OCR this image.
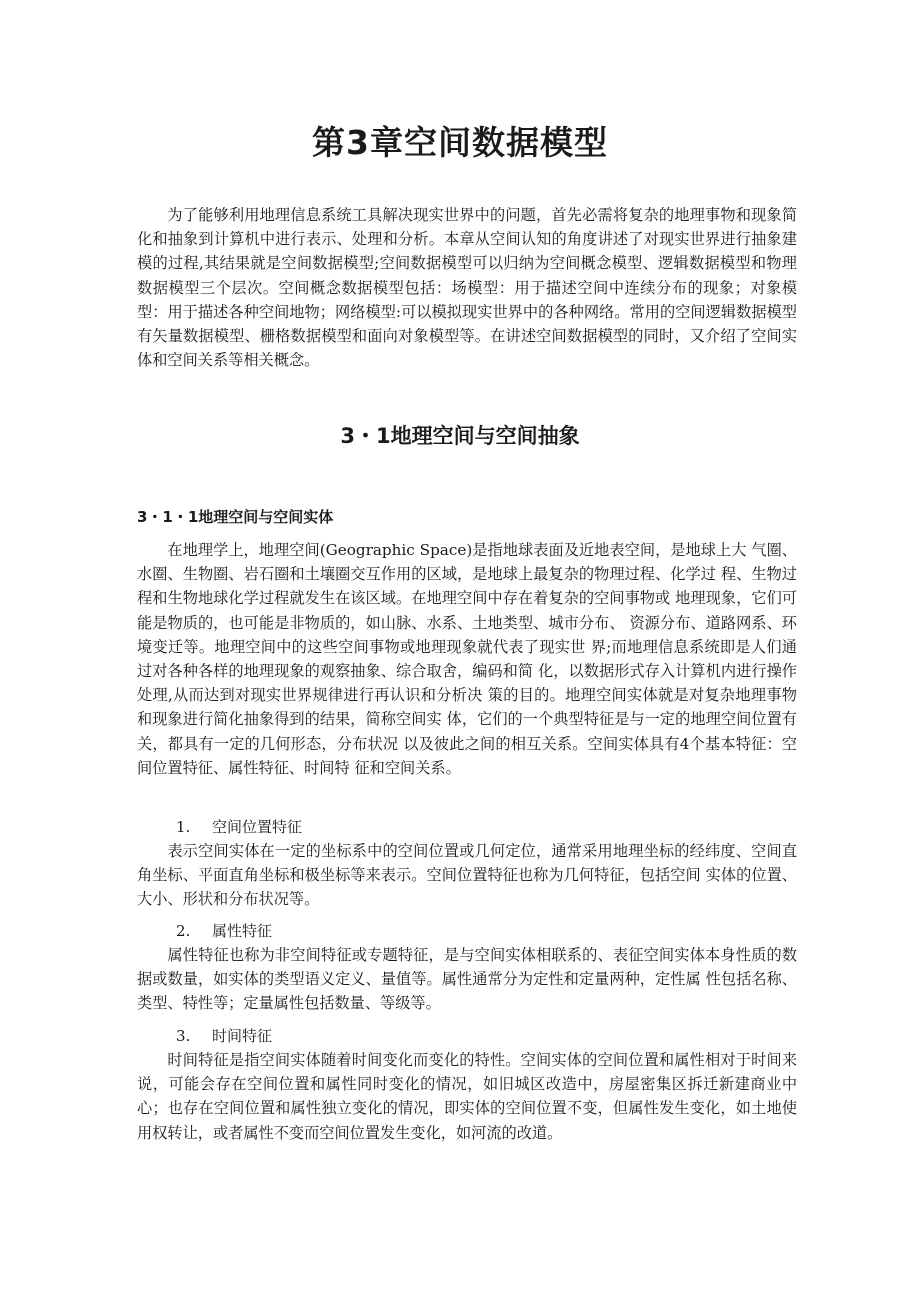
第3章空间数据模型

为了能够利用地理信息系统工具解决现实世界中的问题，首先必需将复杂的地理事物和现象简化和抽象到计算机中进行表示、处理和分析。本章从空间认知的角度讲述了对现实世界进行抽象建模的过程,其结果就是空间数据模型;空间数据模型可以归纳为空间概念模型、逻辑数据模型和物理数据模型三个层次。空间概念数据模型包括：场模型：用于描述空间中连续分布的现象；对象模型：用于描述各种空间地物；网络模型:可以模拟现实世界中的各种网络。常用的空间逻辑数据模型有矢量数据模型、栅格数据模型和面向对象模型等。在讲述空间数据模型的同时，又介绍了空间实体和空间关系等相关概念。

3・1地理空间与空间抽象
3・1・1地理空间与空间实体

在地理学上，地理空间(Geographic Space)是指地球表面及近地表空间，是地球上大 气圈、水圈、生物圈、岩石圈和土壤圈交互作用的区域，是地球上最复杂的物理过程、化学过 程、生物过程和生物地球化学过程就发生在该区域。在地理空间中存在着复杂的空间事物或 地理现象，它们可能是物质的，也可能是非物质的，如山脉、水系、土地类型、城市分布、 资源分布、道路网系、环境变迁等。地理空间中的这些空间事物或地理现象就代表了现实世 界;而地理信息系统即是人们通过对各种各样的地理现象的观察抽象、综合取舍，编码和简 化，以数据形式存入计算机内进行操作处理,从而达到对现实世界规律进行再认识和分析决 策的目的。地理空间实体就是对复杂地理事物和现象进行简化抽象得到的结果，简称空间实 体，它们的一个典型特征是与一定的地理空间位置有关，都具有一定的几何形态，分布状况 以及彼此之间的相互关系。空间实体具有4个基本特征：空间位置特征、属性特征、时间特 征和空间关系。

1. 空间位置特征

表示空间实体在一定的坐标系中的空间位置或几何定位，通常采用地理坐标的经纬度、空间直角坐标、平面直角坐标和极坐标等来表示。空间位置特征也称为几何特征，包括空间 实体的位置、大小、形状和分布状况等。

2. 属性特征

属性特征也称为非空间特征或专题特征，是与空间实体相联系的、表征空间实体本身性质的数据或数量，如实体的类型语义定义、量值等。属性通常分为定性和定量两种，定性属 性包括名称、类型、特性等；定量属性包括数量、等级等。

3. 时间特征

时间特征是指空间实体随着时间变化而变化的特性。空间实体的空间位置和属性相对于时间来说，可能会存在空间位置和属性同时变化的情况，如旧城区改造中，房屋密集区拆迁新建商业中心；也存在空间位置和属性独立变化的情况，即实体的空间位置不变，但属性发生变化，如土地使用权转让，或者属性不变而空间位置发生变化，如河流的改道。
